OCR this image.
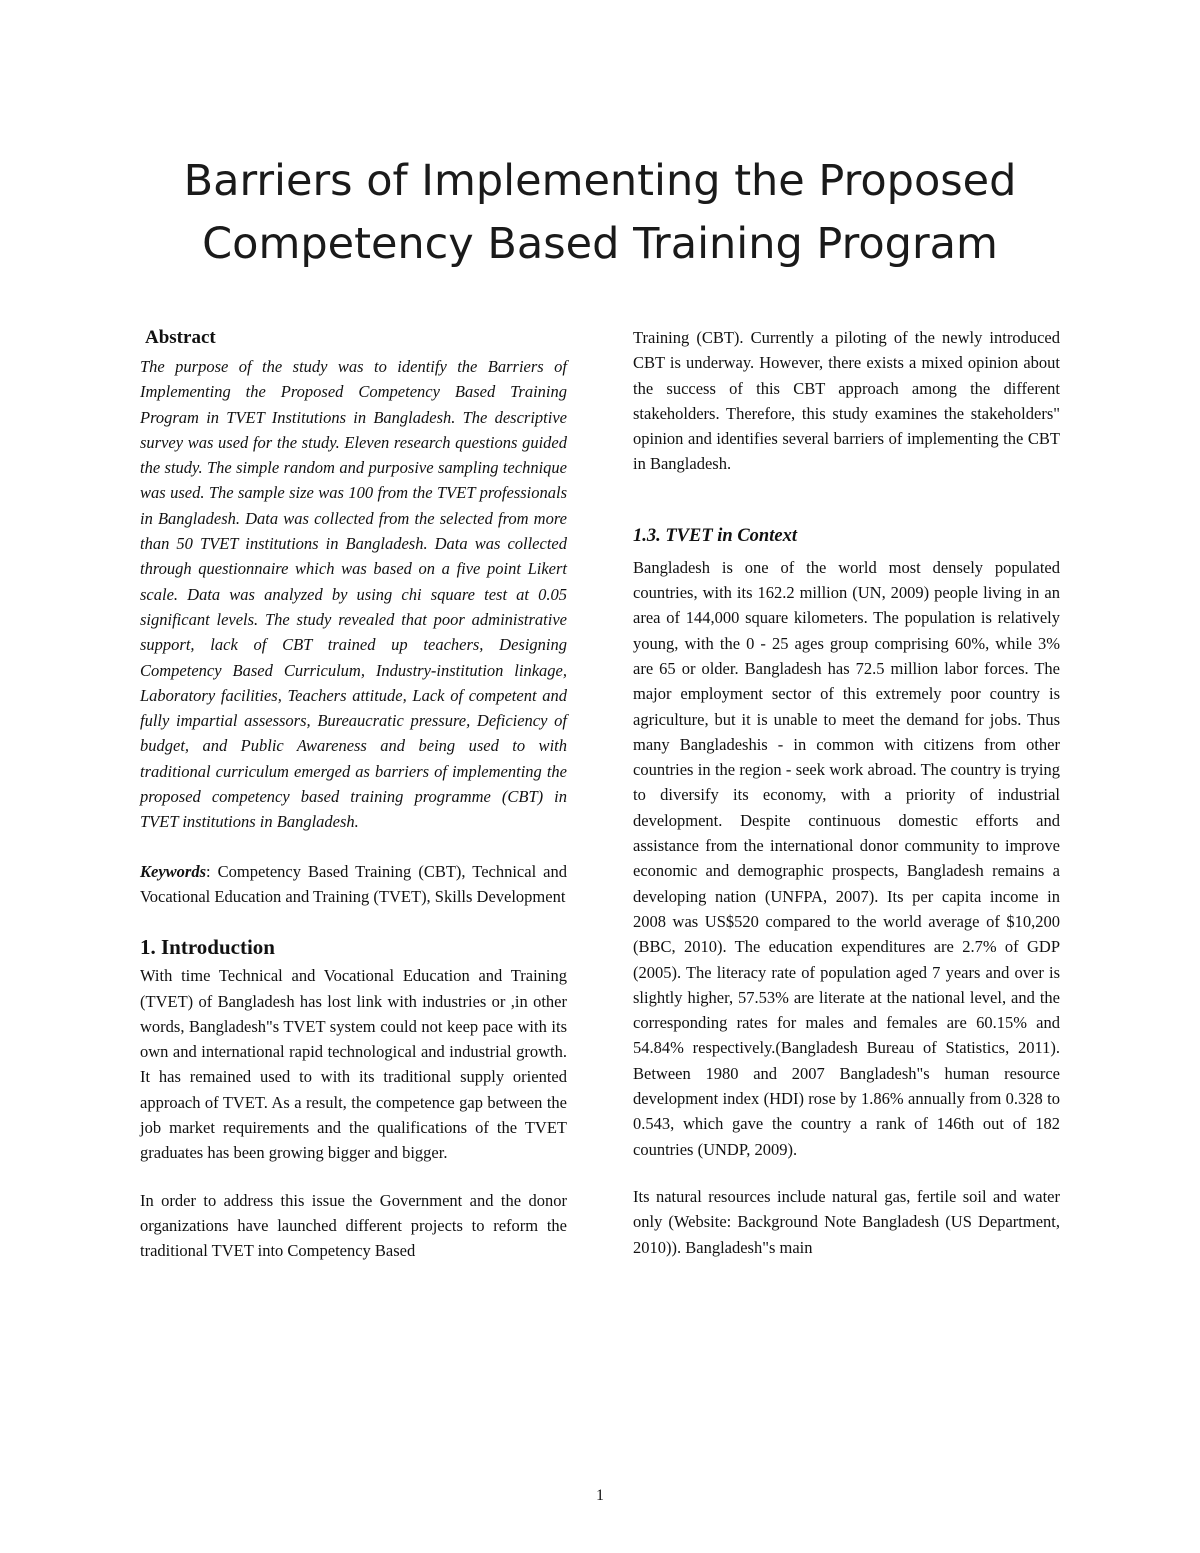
Barriers of Implementing the Proposed
Competency Based Training Program
Abstract

The purpose of the study was to identify the Barriers of Implementing the Proposed Competency Based Training Program in TVET Institutions in Bangladesh. The descriptive survey was used for the study. Eleven research questions guided the study. The simple random and purposive sampling technique was used. The sample size was 100 from the TVET professionals in Bangladesh. Data was collected from the selected from more than 50 TVET institutions in Bangladesh. Data was collected through questionnaire which was based on a five point Likert scale. Data was analyzed by using chi square test at 0.05 significant levels. The study revealed that poor administrative support, lack of CBT trained up teachers, Designing Competency Based Curriculum, Industry-institution linkage, Laboratory facilities, Teachers attitude, Lack of competent and fully impartial assessors, Bureaucratic pressure, Deficiency of budget, and Public Awareness and being used to with traditional curriculum emerged as barriers of implementing the proposed competency based training programme (CBT) in TVET institutions in Bangladesh.

Keywords: Competency Based Training (CBT), Technical and Vocational Education and Training (TVET), Skills Development

1. Introduction

With time Technical and Vocational Education and Training (TVET) of Bangladesh has lost link with industries or ,in other words, Bangladesh"s TVET system could not keep pace with its own and international rapid technological and industrial growth. It has remained used to with its traditional supply oriented approach of TVET. As a result, the competence gap between the job market requirements and the qualifications of the TVET graduates has been growing bigger and bigger.

In order to address this issue the Government and the donor organizations have launched different projects to reform the traditional TVET into Competency Based

Training (CBT). Currently a piloting of the newly introduced CBT is underway. However, there exists a mixed opinion about the success of this CBT approach among the different stakeholders. Therefore, this study examines the stakeholders" opinion and identifies several barriers of implementing the CBT in Bangladesh.

1.3. TVET in Context

Bangladesh is one of the world most densely populated countries, with its 162.2 million (UN, 2009) people living in an area of 144,000 square kilometers. The population is relatively young, with the 0 - 25 ages group comprising 60%, while 3% are 65 or older. Bangladesh has 72.5 million labor forces. The major employment sector of this extremely poor country is agriculture, but it is unable to meet the demand for jobs. Thus many Bangladeshis - in common with citizens from other countries in the region - seek work abroad. The country is trying to diversify its economy, with a priority of industrial development. Despite continuous domestic efforts and assistance from the international donor community to improve economic and demographic prospects, Bangladesh remains a developing nation (UNFPA, 2007). Its per capita income in 2008 was US$520 compared to the world average of $10,200 (BBC, 2010). The education expenditures are 2.7% of GDP (2005). The literacy rate of population aged 7 years and over is slightly higher, 57.53% are literate at the national level, and the corresponding rates for males and females are 60.15% and 54.84% respectively.(Bangladesh Bureau of Statistics, 2011). Between 1980 and 2007 Bangladesh"s human resource development index (HDI) rose by 1.86% annually from 0.328 to 0.543, which gave the country a rank of 146th out of 182 countries (UNDP, 2009).

Its natural resources include natural gas, fertile soil and water only (Website: Background Note Bangladesh (US Department, 2010)). Bangladesh"s main

1
